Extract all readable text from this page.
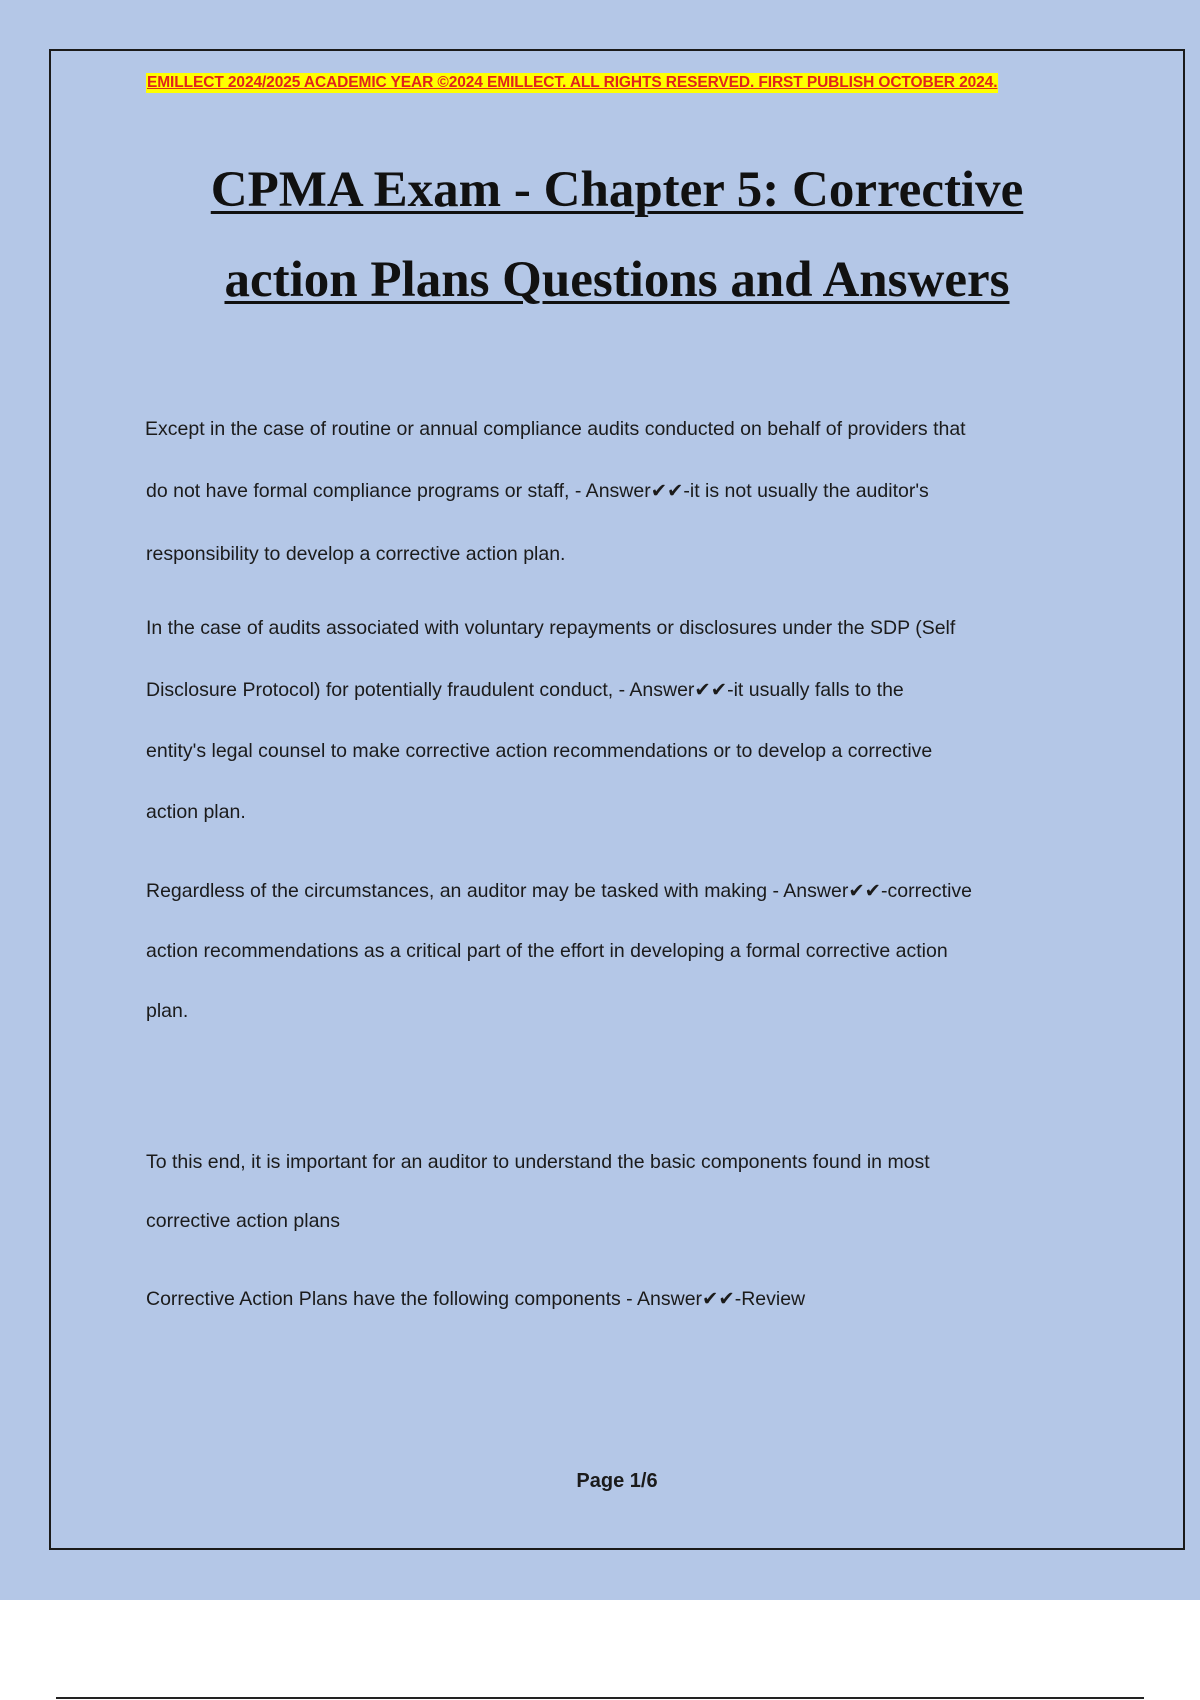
EMILLECT 2024/2025 ACADEMIC YEAR ©2024 EMILLECT. ALL RIGHTS RESERVED. FIRST PUBLISH OCTOBER 2024.
CPMA Exam - Chapter 5: Corrective
action Plans Questions and Answers
Except in the case of routine or annual compliance audits conducted on behalf of providers that
do not have formal compliance programs or staff, - Answer✔✔-it is not usually the auditor's
responsibility to develop a corrective action plan.
In the case of audits associated with voluntary repayments or disclosures under the SDP (Self
Disclosure Protocol) for potentially fraudulent conduct, - Answer✔✔-it usually falls to the
entity's legal counsel to make corrective action recommendations or to develop a corrective
action plan.
Regardless of the circumstances, an auditor may be tasked with making - Answer✔✔-corrective
action recommendations as a critical part of the effort in developing a formal corrective action
plan.
To this end, it is important for an auditor to understand the basic components found in most
corrective action plans
Corrective Action Plans have the following components - Answer✔✔-Review
Page 1/6
